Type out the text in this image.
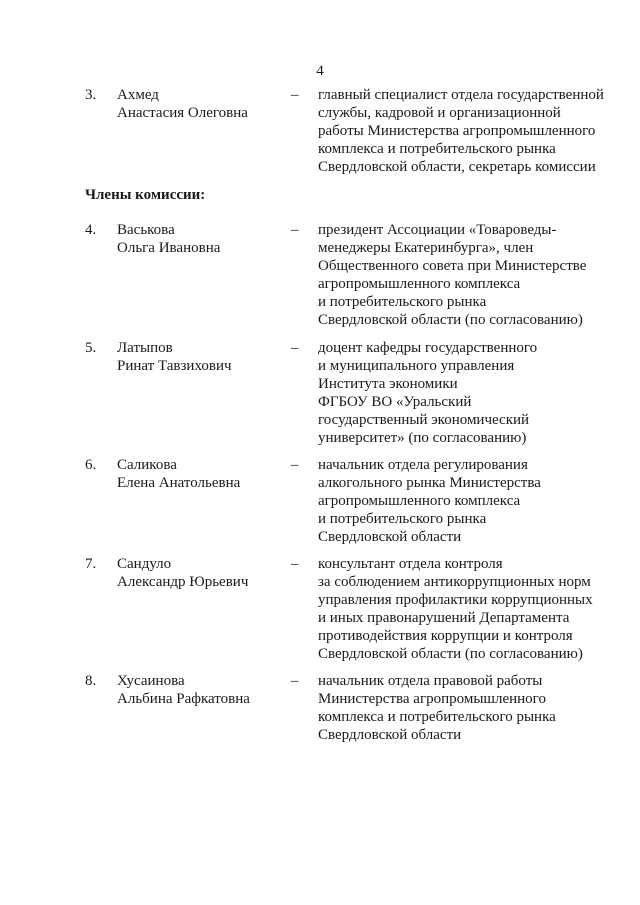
4
3. Ахмед
Анастасия Олеговна
– главный специалист отдела государственной
службы, кадровой и организационной
работы Министерства агропромышленного
комплекса и потребительского рынка
Свердловской области, секретарь комиссии
Члены комиссии:
4. Васькова
Ольга Ивановна
– президент Ассоциации «Товароведы-
менеджеры Екатеринбурга», член
Общественного совета при Министерстве
агропромышленного комплекса
и потребительского рынка
Свердловской области (по согласованию)
5. Латыпов
Ринат Тавзихович
– доцент кафедры государственного
и муниципального управления
Института экономики
ФГБОУ ВО «Уральский
государственный экономический
университет» (по согласованию)
6. Саликова
Елена Анатольевна
– начальник отдела регулирования
алкогольного рынка Министерства
агропромышленного комплекса
и потребительского рынка
Свердловской области
7. Сандуло
Александр Юрьевич
– консультант отдела контроля
за соблюдением антикоррупционных норм
управления профилактики коррупционных
и иных правонарушений Департамента
противодействия коррупции и контроля
Свердловской области (по согласованию)
8. Хусаинова
Альбина Рафкатовна
– начальник отдела правовой работы
Министерства агропромышленного
комплекса и потребительского рынка
Свердловской области
